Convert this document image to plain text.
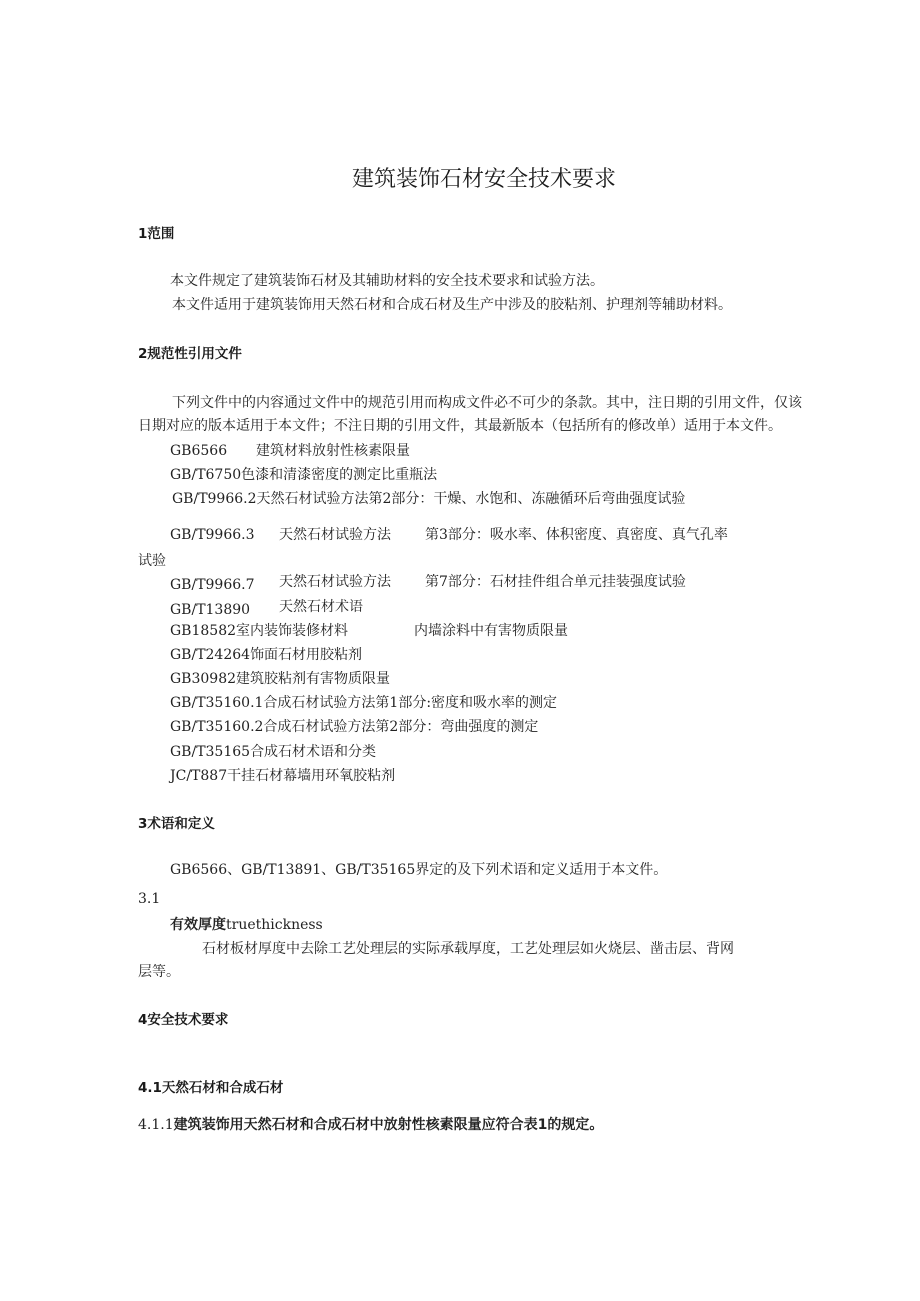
建筑装饰石材安全技术要求
1范围
本文件规定了建筑装饰石材及其辅助材料的安全技术要求和试验方法。
本文件适用于建筑装饰用天然石材和合成石材及生产中涉及的胶粘剂、护理剂等辅助材料。
2规范性引用文件
下列文件中的内容通过文件中的规范引用而构成文件必不可少的条款。其中，注日期的引用文件，仅该
日期对应的版本适用于本文件；不注日期的引用文件，其最新版本（包括所有的修改单）适用于本文件。
GB6566 建筑材料放射性核素限量
GB/T6750色漆和清漆密度的测定比重瓶法
GB/T9966.2天然石材试验方法第2部分：干燥、水饱和、冻融循环后弯曲强度试验
GB/T9966.3 天然石材试验方法 第3部分：吸水率、体积密度、真密度、真气孔率
试验
GB/T9966.7 天然石材试验方法 第7部分：石材挂件组合单元挂装强度试验
GB/T13890 天然石材术语
GB18582室内装饰装修材料	内墙涂料中有害物质限量
GB/T24264饰面石材用胶粘剂
GB30982建筑胶粘剂有害物质限量
GB/T35160.1合成石材试验方法第1部分:密度和吸水率的测定
GB/T35160.2合成石材试验方法第2部分：弯曲强度的测定
GB/T35165合成石材术语和分类
JC/T887干挂石材幕墙用环氧胶粘剂
3术语和定义
GB6566、GB/T13891、GB/T35165界定的及下列术语和定义适用于本文件。
3.1
有效厚度truethickness
石材板材厚度中去除工艺处理层的实际承载厚度，工艺处理层如火烧层、凿击层、背网
层等。
4安全技术要求
4.1天然石材和合成石材
4.1.1建筑装饰用天然石材和合成石材中放射性核素限量应符合表1的规定。
